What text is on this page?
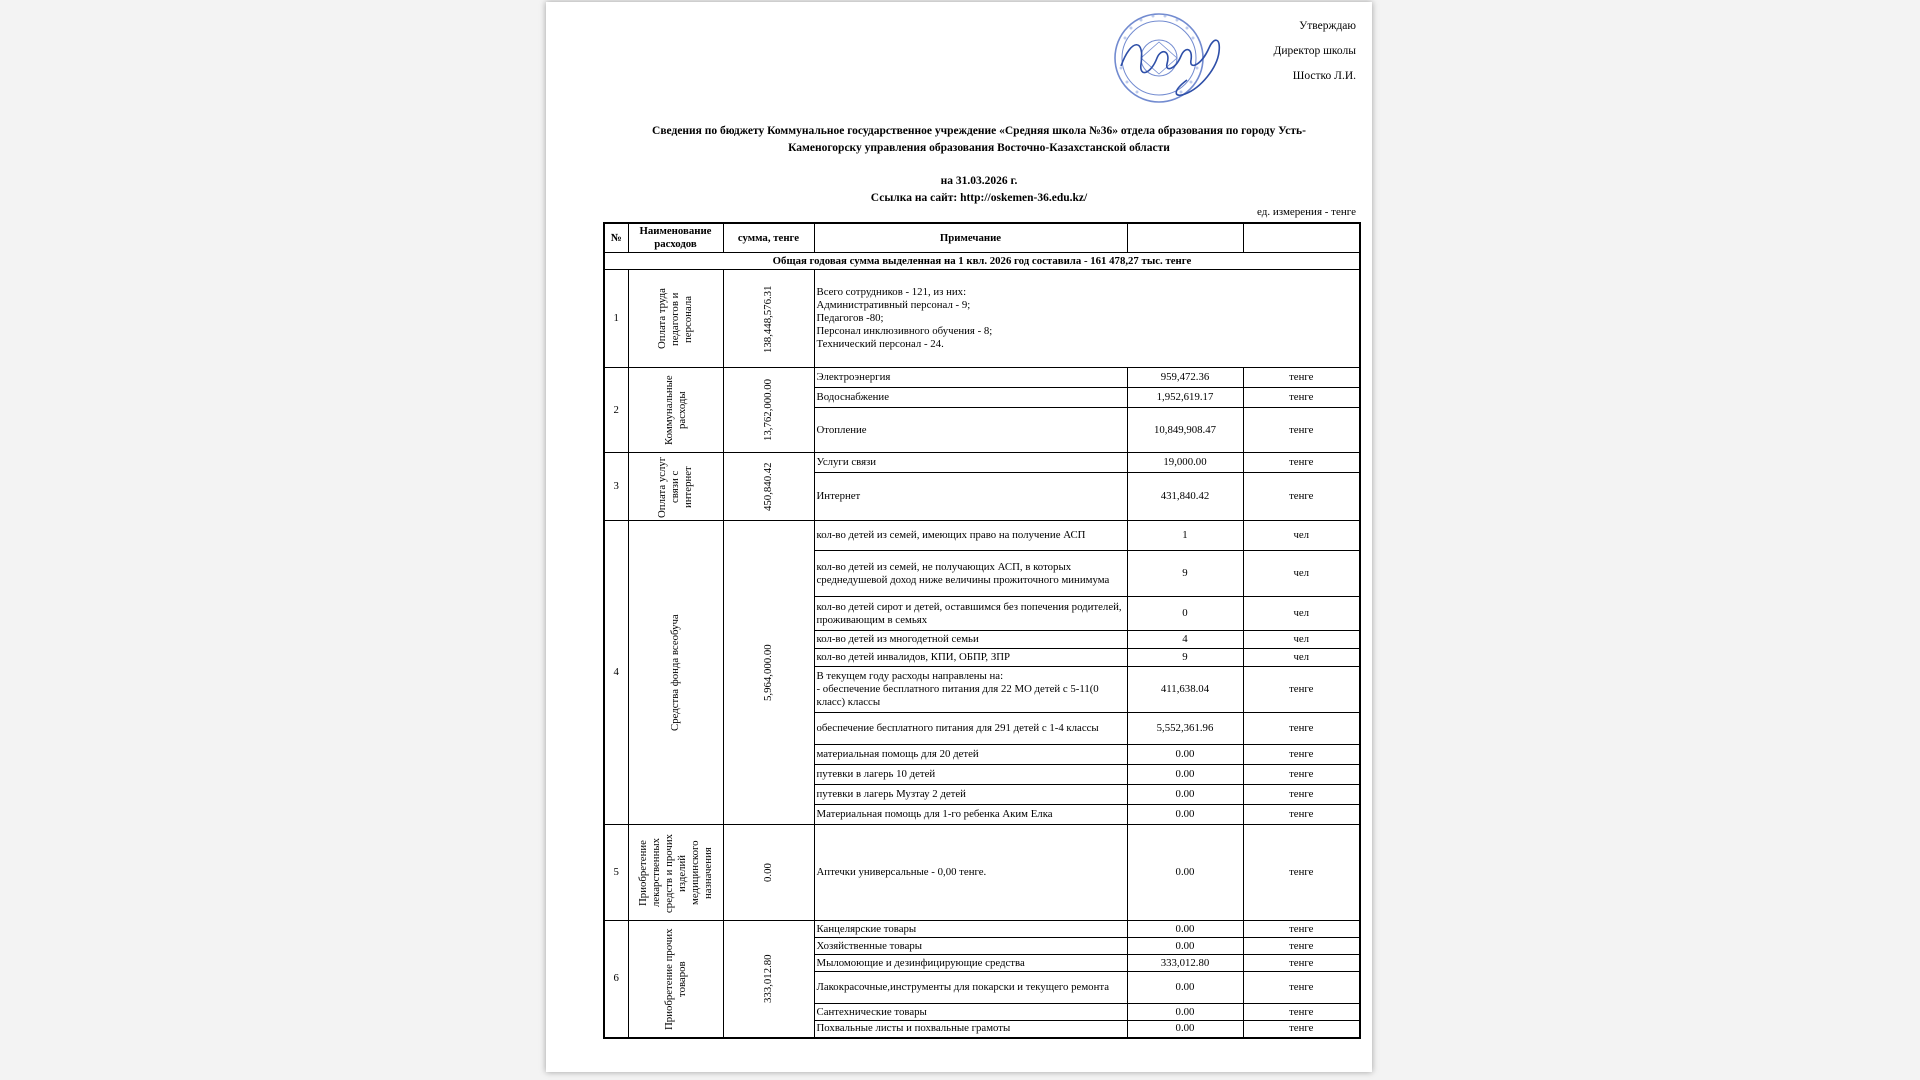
Утверждаю
Директор школы
Шостко Л.И.
Сведения по бюджету Коммунальное государственное учреждение «Средняя школа №36» отдела образования по городу Усть-
Каменогорску управления образования Восточно-Казахстанской области
на 31.03.2026 г.
Ссылка на сайт: http://oskemen-36.edu.kz/
ед. измерения - тенге
№	Наименование расходов	сумма, тенге	Примечание		
Общая годовая сумма выделенная на 1 квл. 2026 год составила - 161 478,27 тыс. тенге					
1	Оплата труда педагогов и персонала	138,448,576.31	Всего сотрудников - 121, из них:
Административный персонал - 9;
Педагогов -80;
Персонал инклюзивного обучения - 8;
Технический персонал - 24.		

2	Коммунальные расходы	13,762,000.00	Электроэнергия	959,472.36	тенге

			Водоснабжение	1,952,619.17	тенге

			Отопление	10,849,908.47	тенге
3	Оплата услуг связи с интернет	450,840.42	Услуги связи	19,000.00	тенге

			Интернет	431,840.42	тенге
4	Средства фонда всеобуча	5,964,000.00	кол-во детей из семей, имеющих право на получение АСП	1	чел

			кол-во детей из семей, не получающих АСП, в которых среднедушевой доход ниже величины прожиточного минимума	9	чел

			кол-во детей сирот и детей, оставшимся без попечения родителей, проживающим в семьях	0	чел

			кол-во детей из многодетной семьи	4	чел

			кол-во детей инвалидов, КПИ, ОБПР, ЗПР	9	чел

			В текущем году расходы направлены на:
- обеспечение бесплатного питания для 22 МО детей с 5-11(0 класс) классы	411,638.04	тенге

			обеспечение бесплатного питания для 291 детей с 1-4 классы	5,552,361.96	тенге

			материальная помощь для 20 детей	0.00	тенге

			путевки в лагерь 10 детей	0.00	тенге

			путевки в лагерь Музтау 2 детей	0.00	тенге

			Материальная помощь для 1-го ребенка Аким Елка	0.00	тенге
5	Приобретение лекарственных средств и прочих изделий медицинского назначения	0.00	Аптечки универсальные - 0,00 тенге.	0.00	тенге
6	Приобретение прочих товаров	333,012.80	Канцелярские товары	0.00	тенге

			Хозяйственные товары	0.00	тенге

			Мыломоющие и дезинфицирующие средства	333,012.80	тенге

			Лакокрасочные,инструменты для покарски и текущего ремонта	0.00	тенге

			Сантехнические товары	0.00	тенге

			Похвальные листы и похвальные грамоты	0.00	тенге
